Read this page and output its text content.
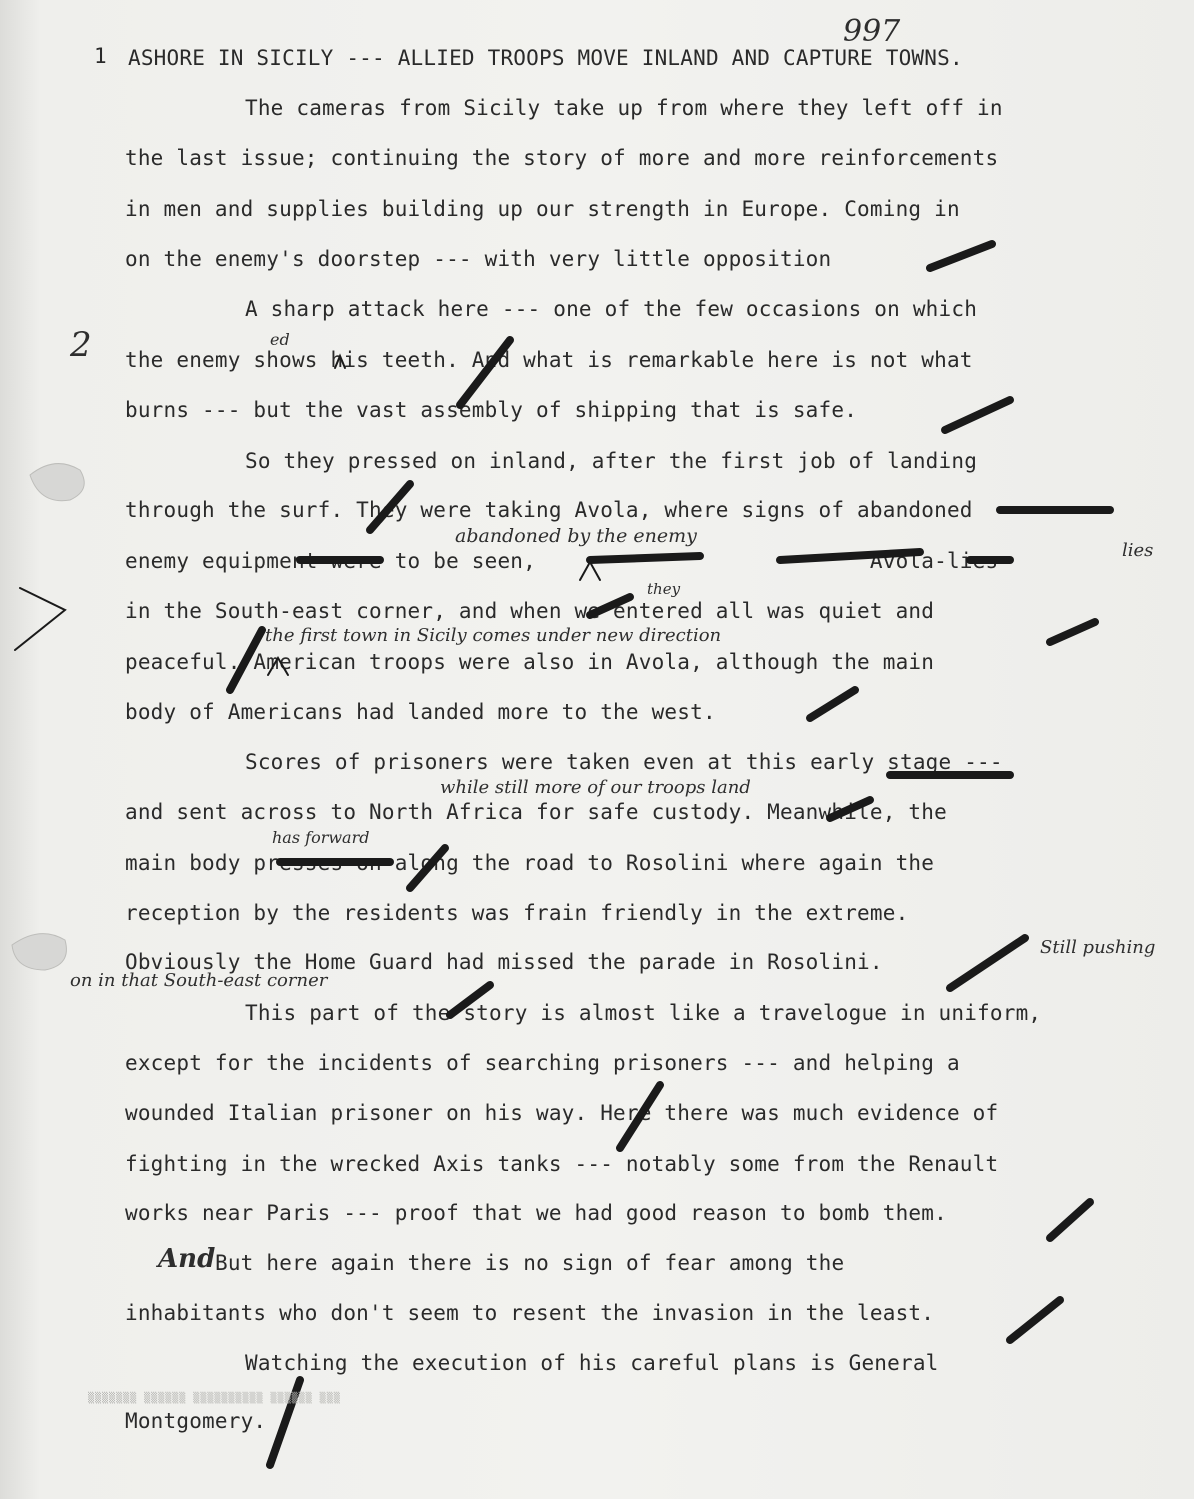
1 ASHORE IN SICILY --- ALLIED TROOPS MOVE INLAND AND CAPTURE TOWNS.
The cameras from Sicily take up from where they left off in
the last issue; continuing the story of more and more reinforcements
in men and supplies building up our strength in Europe. Coming in
on the enemy's doorstep --- with very little opposition
A sharp attack here --- one of the few occasions on which
the enemy shows his teeth. And what is remarkable here is not what
burns --- but the vast assembly of shipping that is safe.
So they pressed on inland, after the first job of landing
through the surf. They were taking Avola, where signs of abandoned
enemy equipment were to be seen,                          Avola-lies
in the South-east corner, and when we entered all was quiet and
peaceful. American troops were also in Avola, although the main
body of Americans had landed more to the west.
Scores of prisoners were taken even at this early stage ---
and sent across to North Africa for safe custody. Meanwhile, the
main body presses on along the road to Rosolini where again the
reception by the residents was frain friendly in the extreme.
Obviously the Home Guard had missed the parade in Rosolini.
This part of the story is almost like a travelogue in uniform,
except for the incidents of searching prisoners --- and helping a
wounded Italian prisoner on his way. Here there was much evidence of
fighting in the wrecked Axis tanks --- notably some from the Renault
works near Paris --- proof that we had good reason to bomb them.
But here again there is no sign of fear among the
inhabitants who don't seem to resent the invasion in the least.
Watching the execution of his careful plans is General
Montgomery.
997
2	ed
abandoned by the enemy
lies
they
the first town in Sicily comes under new direction
while still more of our troops land
has forward
Still pushing
on in that South-east corner
And
▒▒▒▒▒▒▒ ▒▒▒▒▒▒ ▒▒▒▒▒▒▒▒▒▒ ▒▒▒▒▒▒ ▒▒▒
